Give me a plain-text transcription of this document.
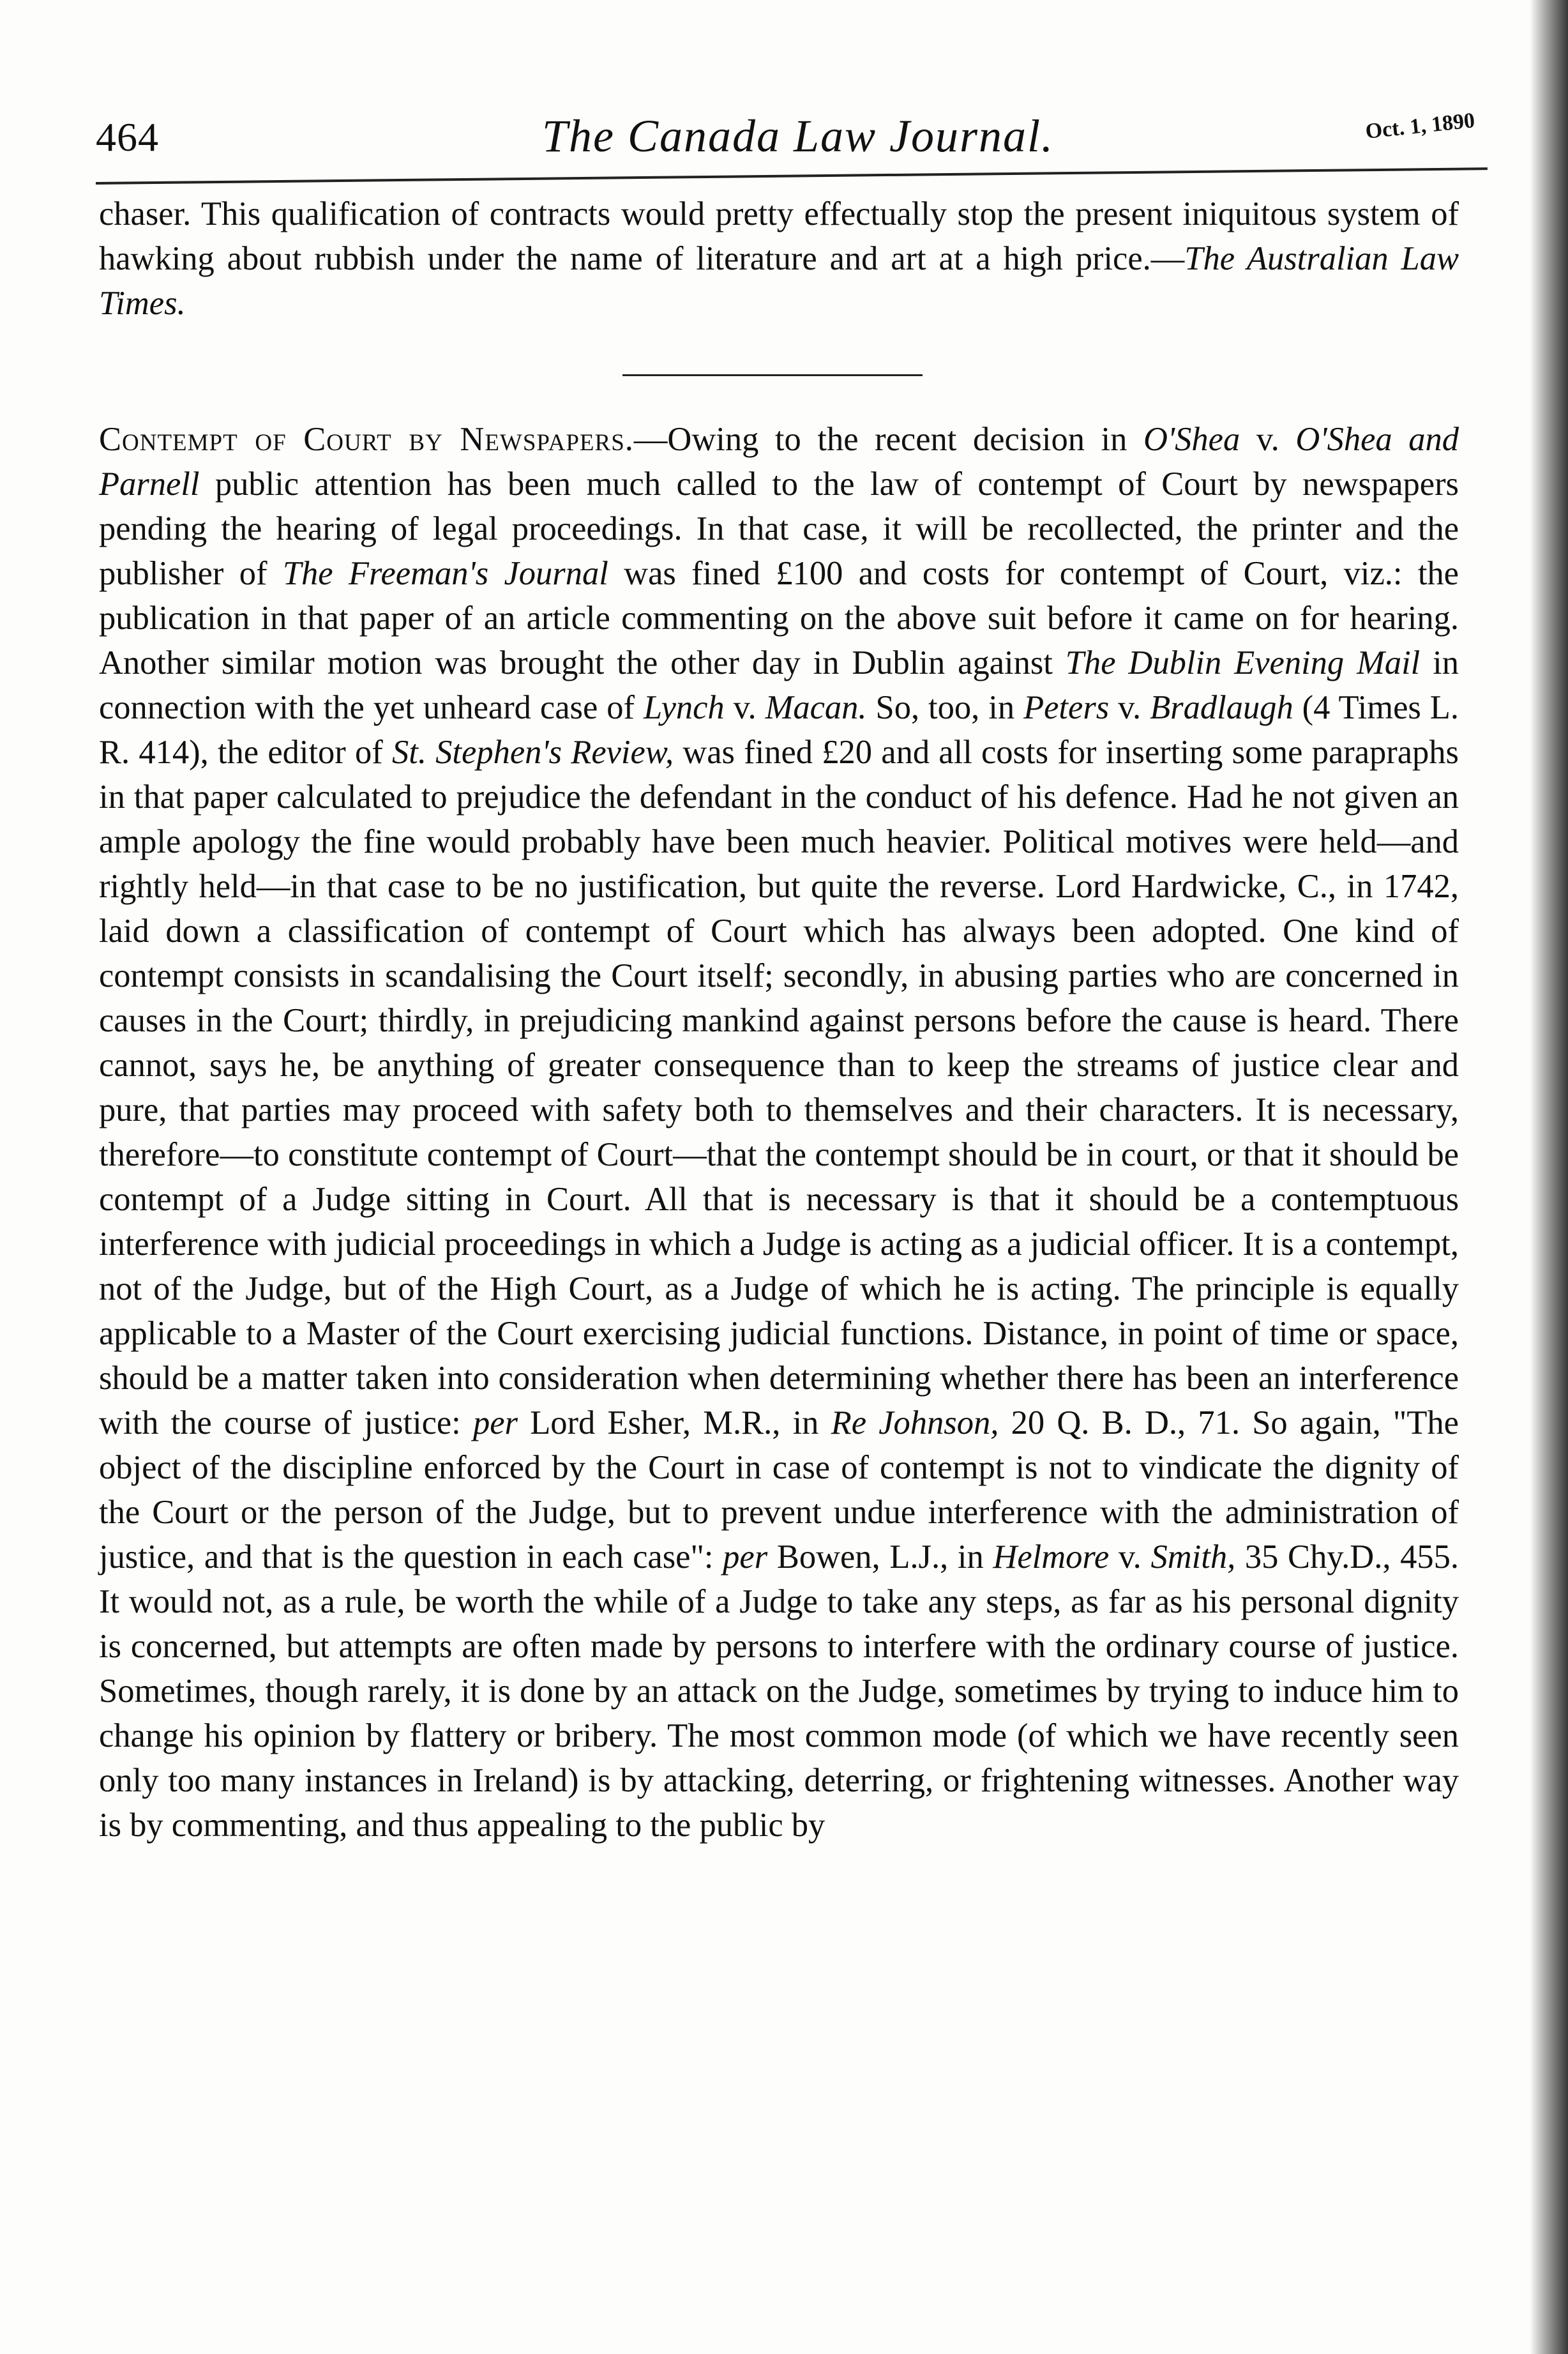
464	The Canada Law Journal.	Oct. 1, 1890

chaser. This qualification of contracts would pretty effectually stop the present iniquitous system of hawking about rubbish under the name of literature and art at a high price.—The Australian Law Times.

Contempt of Court by Newspapers.—Owing to the recent decision in O'Shea v. O'Shea and Parnell public attention has been much called to the law of contempt of Court by newspapers pending the hearing of legal proceedings. In that case, it will be recollected, the printer and the publisher of The Freeman's Journal was fined £100 and costs for contempt of Court, viz.: the publication in that paper of an article commenting on the above suit before it came on for hearing. Another similar motion was brought the other day in Dublin against The Dublin Evening Mail in connection with the yet unheard case of Lynch v. Macan. So, too, in Peters v. Bradlaugh (4 Times L. R. 414), the editor of St. Stephen's Review, was fined £20 and all costs for inserting some parapraphs in that paper calculated to prejudice the defendant in the conduct of his defence. Had he not given an ample apology the fine would probably have been much heavier. Political motives were held—and rightly held—in that case to be no justification, but quite the reverse. Lord Hardwicke, C., in 1742, laid down a classification of contempt of Court which has always been adopted. One kind of contempt consists in scandalising the Court itself; secondly, in abusing parties who are concerned in causes in the Court; thirdly, in prejudicing mankind against persons before the cause is heard. There cannot, says he, be anything of greater consequence than to keep the streams of justice clear and pure, that parties may proceed with safety both to themselves and their characters. It is necessary, therefore—to constitute contempt of Court—that the contempt should be in court, or that it should be contempt of a Judge sitting in Court. All that is necessary is that it should be a contemptuous interference with judicial proceedings in which a Judge is acting as a judicial officer. It is a contempt, not of the Judge, but of the High Court, as a Judge of which he is acting. The principle is equally applicable to a Master of the Court exercising judicial functions. Distance, in point of time or space, should be a matter taken into consideration when determining whether there has been an interference with the course of justice: per Lord Esher, M.R., in Re Johnson, 20 Q. B. D., 71. So again, "The object of the discipline enforced by the Court in case of contempt is not to vindicate the dignity of the Court or the person of the Judge, but to prevent undue interference with the administration of justice, and that is the question in each case": per Bowen, L.J., in Helmore v. Smith, 35 Chy.D., 455. It would not, as a rule, be worth the while of a Judge to take any steps, as far as his personal dignity is concerned, but attempts are often made by persons to interfere with the ordinary course of justice. Sometimes, though rarely, it is done by an attack on the Judge, sometimes by trying to induce him to change his opinion by flattery or bribery. The most common mode (of which we have recently seen only too many instances in Ireland) is by attacking, deterring, or frightening witnesses. Another way is by commenting, and thus appealing to the public by
